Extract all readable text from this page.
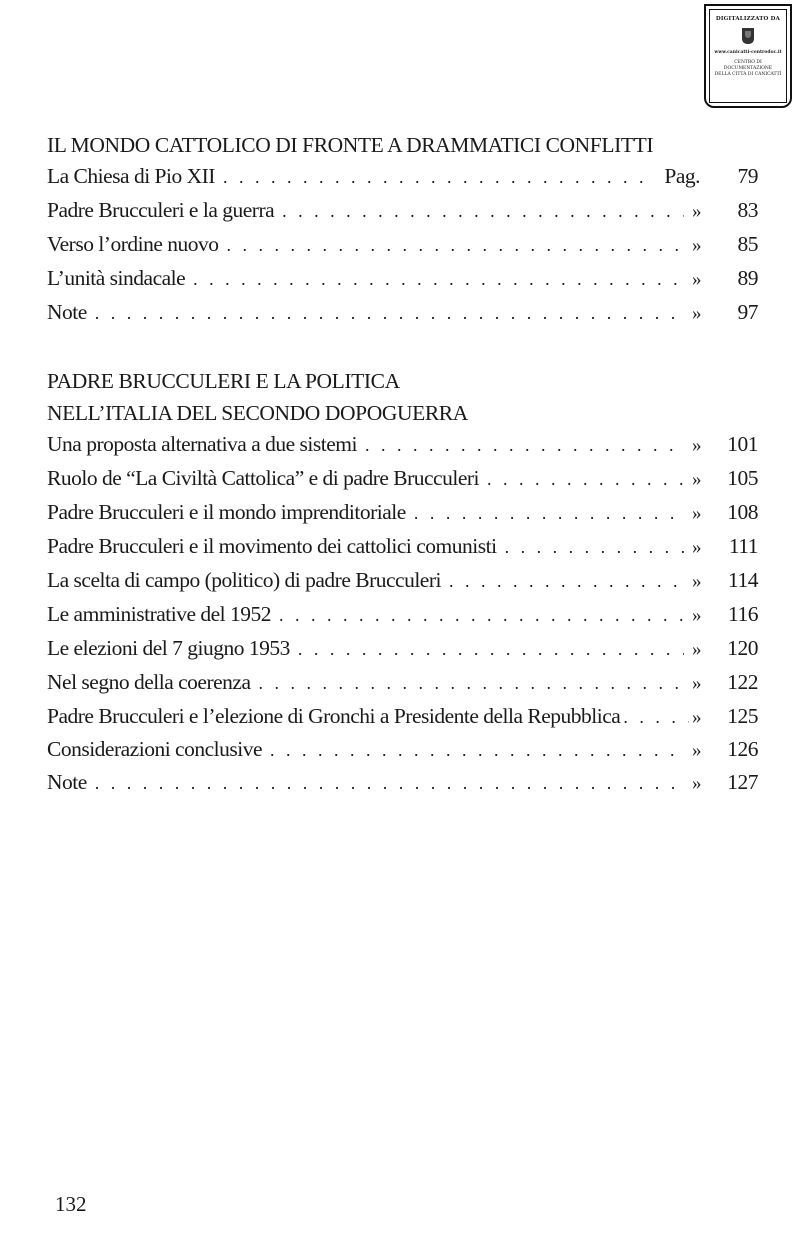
DIGITALIZZATO DA
www.canicatti-centrodoc.it
CENTRO DI DOCUMENTAZIONE
DELLA CITTÀ DI CANICATTÌ
IL MONDO CATTOLICO DI FRONTE A DRAMMATICI CONFLITTI
La Chiesa di Pio XII . . .	Pag.	79
Padre Brucculeri e la guerra . . .	»	83
Verso l’ordine nuovo . . .	»	85
L’unità sindacale . . .	»	89
Note . . .	»	97
PADRE BRUCCULERI E LA POLITICA
NELL’ITALIA DEL SECONDO DOPOGUERRA
Una proposta alternativa a due sistemi . . .	»	101
Ruolo de “La Civiltà Cattolica” e di padre Brucculeri . . .	»	105
Padre Brucculeri e il mondo imprenditoriale . . .	»	108
Padre Brucculeri e il movimento dei cattolici comunisti . . .	»	111
La scelta di campo (politico) di padre Brucculeri . . .	»	114
Le amministrative del 1952 . . .	»	116
Le elezioni del 7 giugno 1953 . . .	»	120
Nel segno della coerenza . . .	»	122
Padre Brucculeri e l’elezione di Gronchi a Presidente della Repubblica . . .	»	125
Considerazioni conclusive . . .	»	126
Note . . .	»	127
132
